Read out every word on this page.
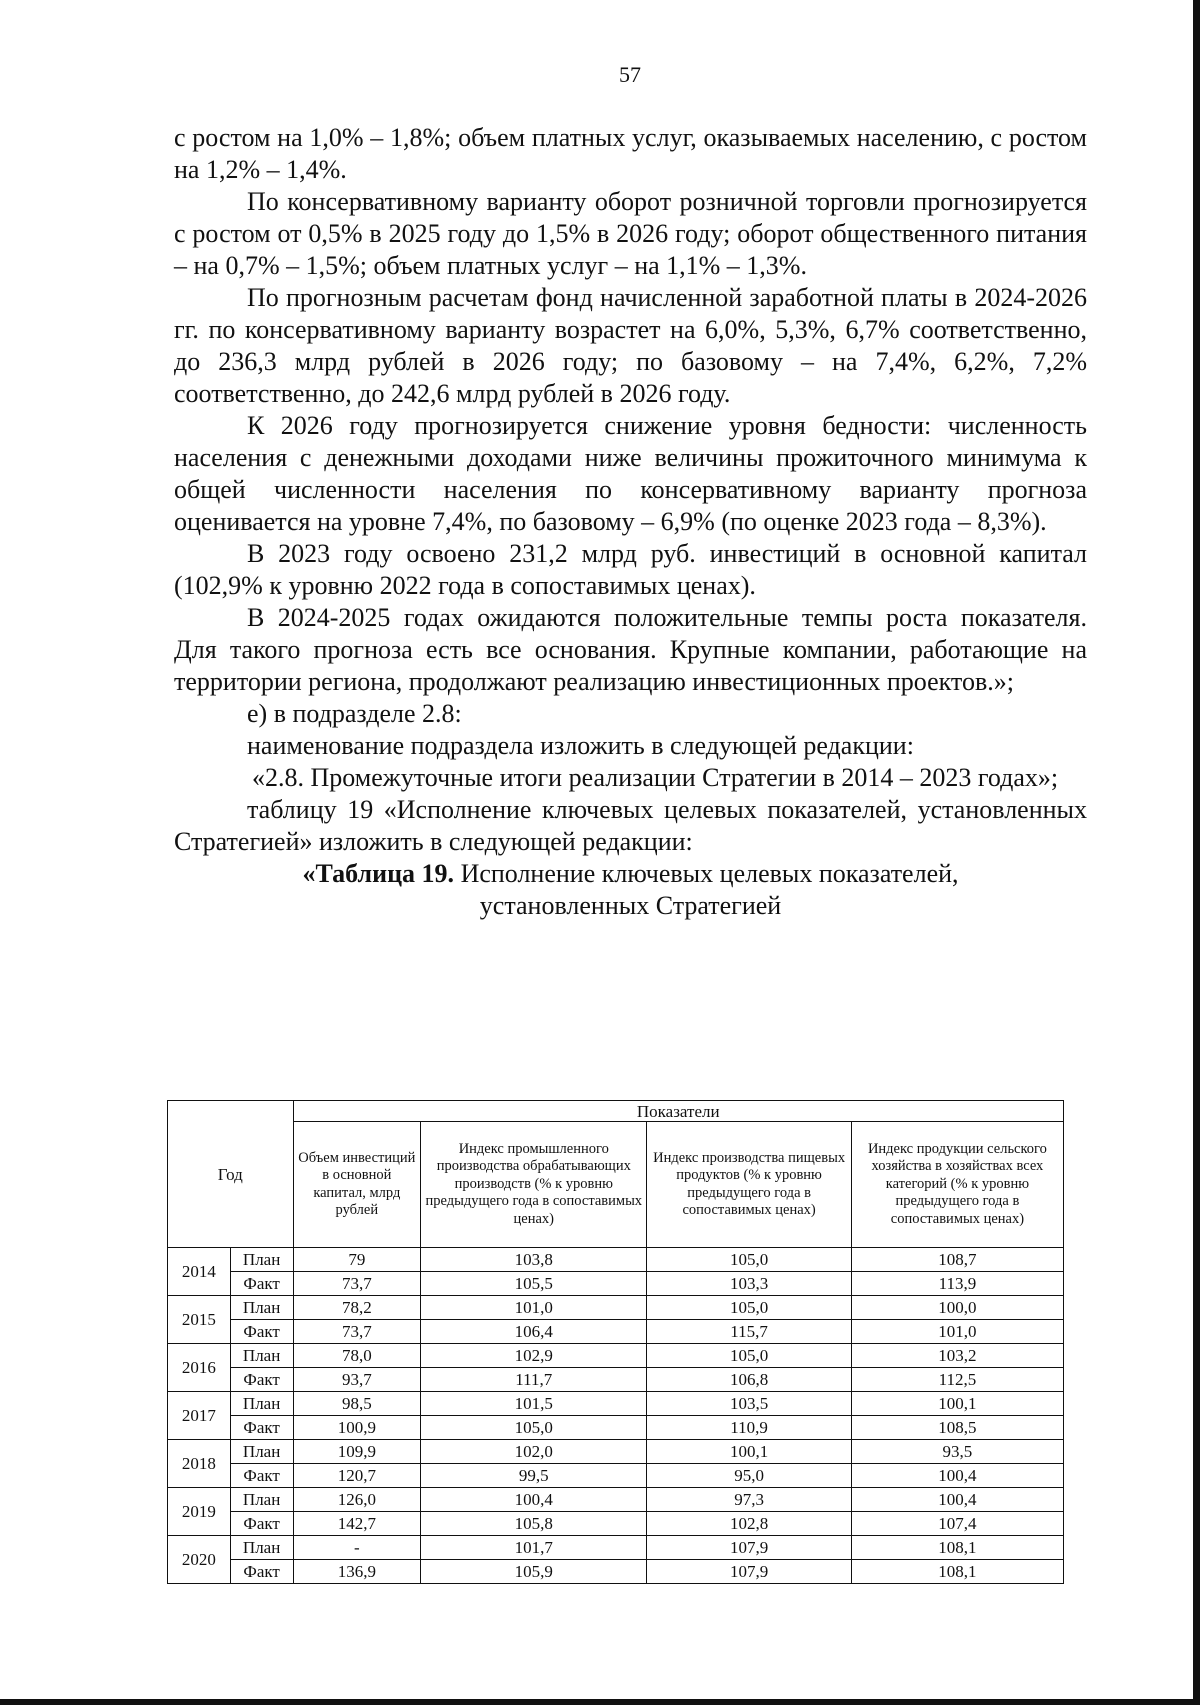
57

с ростом на 1,0% – 1,8%; объем платных услуг, оказываемых населению, с ростом на 1,2% – 1,4%.

По консервативному варианту оборот розничной торговли прогнозируется с ростом от 0,5% в 2025 году до 1,5% в 2026 году; оборот общественного питания – на 0,7% – 1,5%; объем платных услуг – на 1,1% – 1,3%.

По прогнозным расчетам фонд начисленной заработной платы в 2024-2026 гг. по консервативному варианту возрастет на 6,0%, 5,3%, 6,7% соответственно, до 236,3 млрд рублей в 2026 году; по базовому – на 7,4%, 6,2%, 7,2% соответственно, до 242,6 млрд рублей в 2026 году.

К 2026 году прогнозируется снижение уровня бедности: численность населения с денежными доходами ниже величины прожиточного минимума к общей численности населения по консервативному варианту прогноза оценивается на уровне 7,4%, по базовому – 6,9% (по оценке 2023 года – 8,3%).

В 2023 году освоено 231,2 млрд руб. инвестиций в основной капитал (102,9% к уровню 2022 года в сопоставимых ценах).

В 2024-2025 годах ожидаются положительные темпы роста показателя. Для такого прогноза есть все основания. Крупные компании, работающие на территории региона, продолжают реализацию инвестиционных проектов.»;

е) в подразделе 2.8:

наименование подраздела изложить в следующей редакции:

«2.8. Промежуточные итоги реализации Стратегии в 2014 – 2023 годах»;

таблицу 19 «Исполнение ключевых целевых показателей, установленных Стратегией» изложить в следующей редакции:

«Таблица 19. Исполнение ключевых целевых показателей,
установленных Стратегией

Год		Показатели			
		Объем инвестиций в основной капитал, млрд рублей	Индекс промышленного производства обрабатывающих производств (% к уровню предыдущего года в сопоставимых ценах)	Индекс производства пищевых продуктов (% к уровню предыдущего года в сопоставимых ценах)	Индекс продукции сельского хозяйства в хозяйствах всех категорий (% к уровню предыдущего года в сопоставимых ценах)
2014	План	79	103,8	105,0	108,7
	Факт	73,7	105,5	103,3	113,9
2015	План	78,2	101,0	105,0	100,0
	Факт	73,7	106,4	115,7	101,0
2016	План	78,0	102,9	105,0	103,2
	Факт	93,7	111,7	106,8	112,5
2017	План	98,5	101,5	103,5	100,1
	Факт	100,9	105,0	110,9	108,5
2018	План	109,9	102,0	100,1	93,5
	Факт	120,7	99,5	95,0	100,4
2019	План	126,0	100,4	97,3	100,4
	Факт	142,7	105,8	102,8	107,4
2020	План	-	101,7	107,9	108,1
	Факт	136,9	105,9	107,9	108,1
